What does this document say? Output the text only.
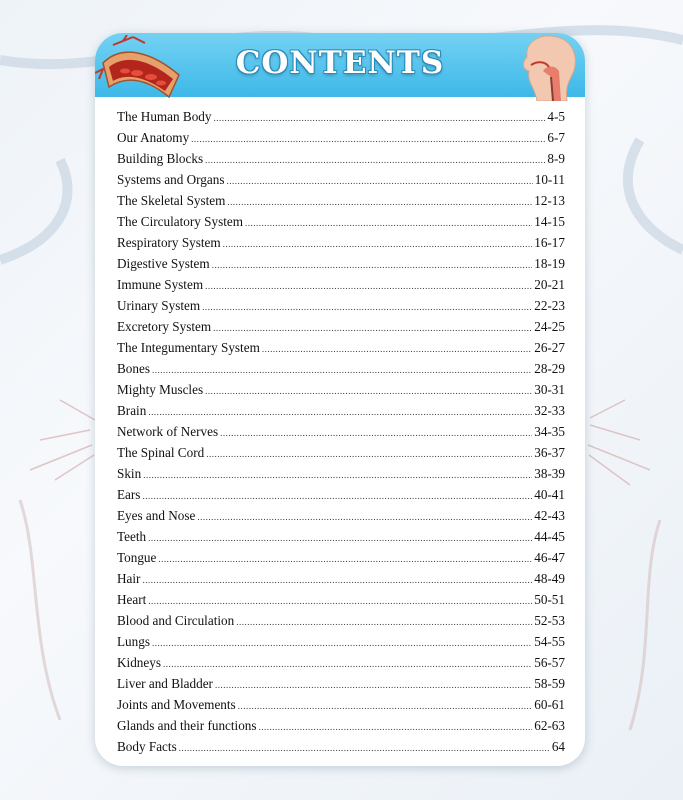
CONTENTS
The Human Body .....	4-5
Our Anatomy .....	6-7
Building Blocks .....	8-9
Systems and Organs .....	10-11
The Skeletal System .....	12-13
The Circulatory System .....	14-15
Respiratory System .....	16-17
Digestive System .....	18-19
Immune System .....	20-21
Urinary System .....	22-23
Excretory System .....	24-25
The Integumentary System .....	26-27
Bones .....	28-29
Mighty Muscles .....	30-31
Brain .....	32-33
Network of Nerves .....	34-35
The Spinal Cord .....	36-37
Skin .....	38-39
Ears .....	40-41
Eyes and Nose .....	42-43
Teeth .....	44-45
Tongue .....	46-47
Hair .....	48-49
Heart .....	50-51
Blood and Circulation .....	52-53
Lungs .....	54-55
Kidneys .....	56-57
Liver and Bladder .....	58-59
Joints and Movements .....	60-61
Glands and their functions .....	62-63
Body Facts .....	64
